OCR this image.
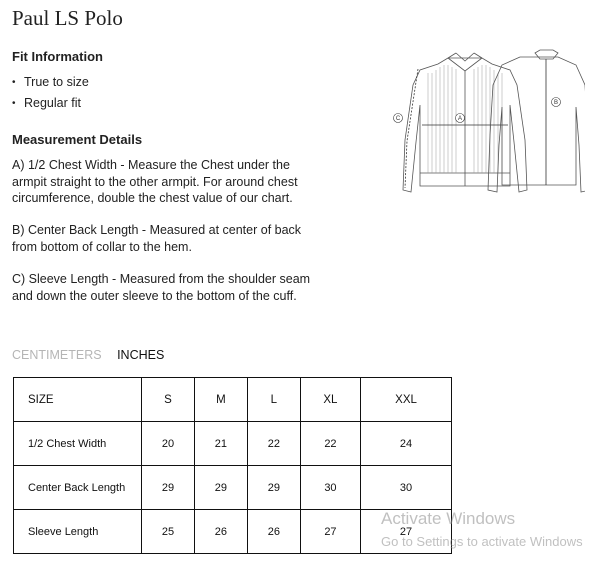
Paul LS Polo
Fit Information
• True to size
• Regular fit
Measurement Details

A) 1/2 Chest Width - Measure the Chest under the armpit straight to the other armpit. For around chest circumference, double the chest value of our chart.

B) Center Back Length - Measured at center of back from bottom of collar to the hem.

C) Sleeve Length - Measured from the shoulder seam and down the outer sleeve to the bottom of the cuff.

A
B
C
CENTIMETERS INCHES
SIZE	S	M	L	XL	XXL
1/2 Chest Width	20	21	22	22	24
Center Back Length	29	29	29	30	30
Sleeve Length	25	26	26	27	27
Activate Windows
Go to Settings to activate Windows
